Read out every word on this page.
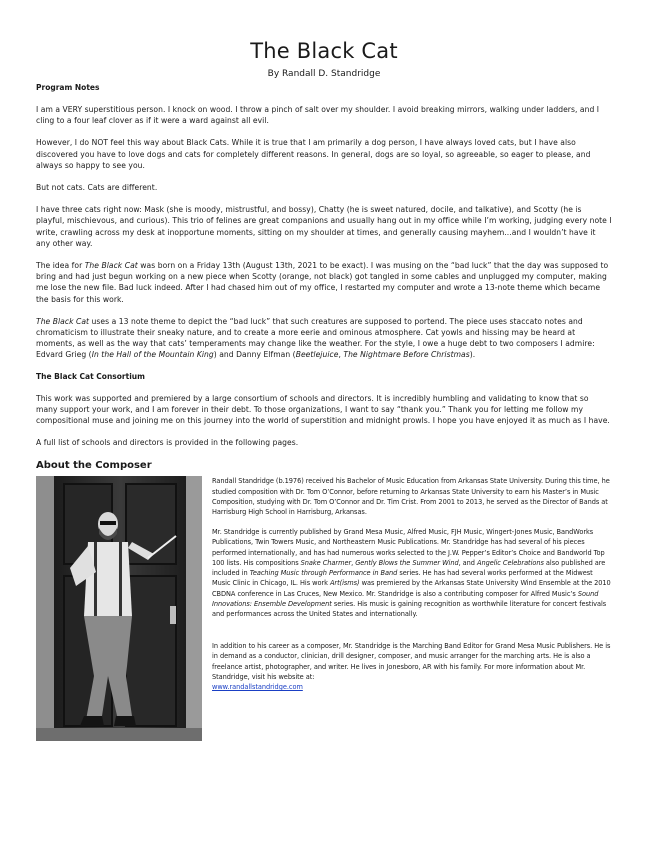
The Black Cat
By Randall D. Standridge
Program Notes

I am a VERY superstitious person. I knock on wood. I throw a pinch of salt over my shoulder. I avoid breaking mirrors, walking under ladders, and I cling to a four leaf clover as if it were a ward against all evil.

However, I do NOT feel this way about Black Cats. While it is true that I am primarily a dog person, I have always loved cats, but I have also discovered you have to love dogs and cats for completely different reasons. In general, dogs are so loyal, so agreeable, so eager to please, and always so happy to see you.

But not cats. Cats are different.

I have three cats right now: Mask (she is moody, mistrustful, and bossy), Chatty (he is sweet natured, docile, and talkative), and Scotty (he is playful, mischievous, and curious). This trio of felines are great companions and usually hang out in my office while I’m working, judging every note I write, crawling across my desk at inopportune moments, sitting on my shoulder at times, and generally causing mayhem...and I wouldn’t have it any other way.

The idea for The Black Cat was born on a Friday 13th (August 13th, 2021 to be exact). I was musing on the “bad luck” that the day was supposed to bring and had just begun working on a new piece when Scotty (orange, not black) got tangled in some cables and unplugged my computer, making me lose the new file. Bad luck indeed. After I had chased him out of my office, I restarted my computer and wrote a 13-note theme which became the basis for this work.

The Black Cat uses a 13 note theme to depict the “bad luck” that such creatures are supposed to portend. The piece uses staccato notes and chromaticism to illustrate their sneaky nature, and to create a more eerie and ominous atmosphere. Cat yowls and hissing may be heard at moments, as well as the way that cats’ temperaments may change like the weather. For the style, I owe a huge debt to two composers I admire: Edvard Grieg (In the Hall of the Mountain King) and Danny Elfman (Beetlejuice, The Nightmare Before Christmas).

The Black Cat Consortium

This work was supported and premiered by a large consortium of schools and directors. It is incredibly humbling and validating to know that so many support your work, and I am forever in their debt. To those organizations, I want to say “thank you.” Thank you for letting me follow my compositional muse and joining me on this journey into the world of superstition and midnight prowls. I hope you have enjoyed it as much as I have.

A full list of schools and directors is provided in the following pages.

About the Composer

Randall Standridge (b.1976) received his Bachelor of Music Education from Arkansas State University. During this time, he studied composition with Dr. Tom O’Connor, before returning to Arkansas State University to earn his Master’s in Music Composition, studying with Dr. Tom O’Connor and Dr. Tim Crist. From 2001 to 2013, he served as the Director of Bands at Harrisburg High School in Harrisburg, Arkansas.

Mr. Standridge is currently published by Grand Mesa Music, Alfred Music, FJH Music, Wingert-Jones Music, BandWorks Publications, Twin Towers Music, and Northeastern Music Publications. Mr. Standridge has had several of his pieces performed internationally, and has had numerous works selected to the J.W. Pepper’s Editor’s Choice and Bandworld Top 100 lists. His compositions Snake Charmer, Gently Blows the Summer Wind, and Angelic Celebrations also published are included in Teaching Music through Performance in Band series. He has had several works performed at the Midwest Music Clinic in Chicago, IL. His work Art(isms) was premiered by the Arkansas State University Wind Ensemble at the 2010 CBDNA conference in Las Cruces, New Mexico. Mr. Standridge is also a contributing composer for Alfred Music’s Sound Innovations: Ensemble Development series. His music is gaining recognition as worthwhile literature for concert festivals and performances across the United States and internationally.

In addition to his career as a composer, Mr. Standridge is the Marching Band Editor for Grand Mesa Music Publishers. He is in demand as a conductor, clinician, drill designer, composer, and music arranger for the marching arts. He is also a freelance artist, photographer, and writer. He lives in Jonesboro, AR with his family. For more information about Mr. Standridge, visit his website at:
www.randallstandridge.com
